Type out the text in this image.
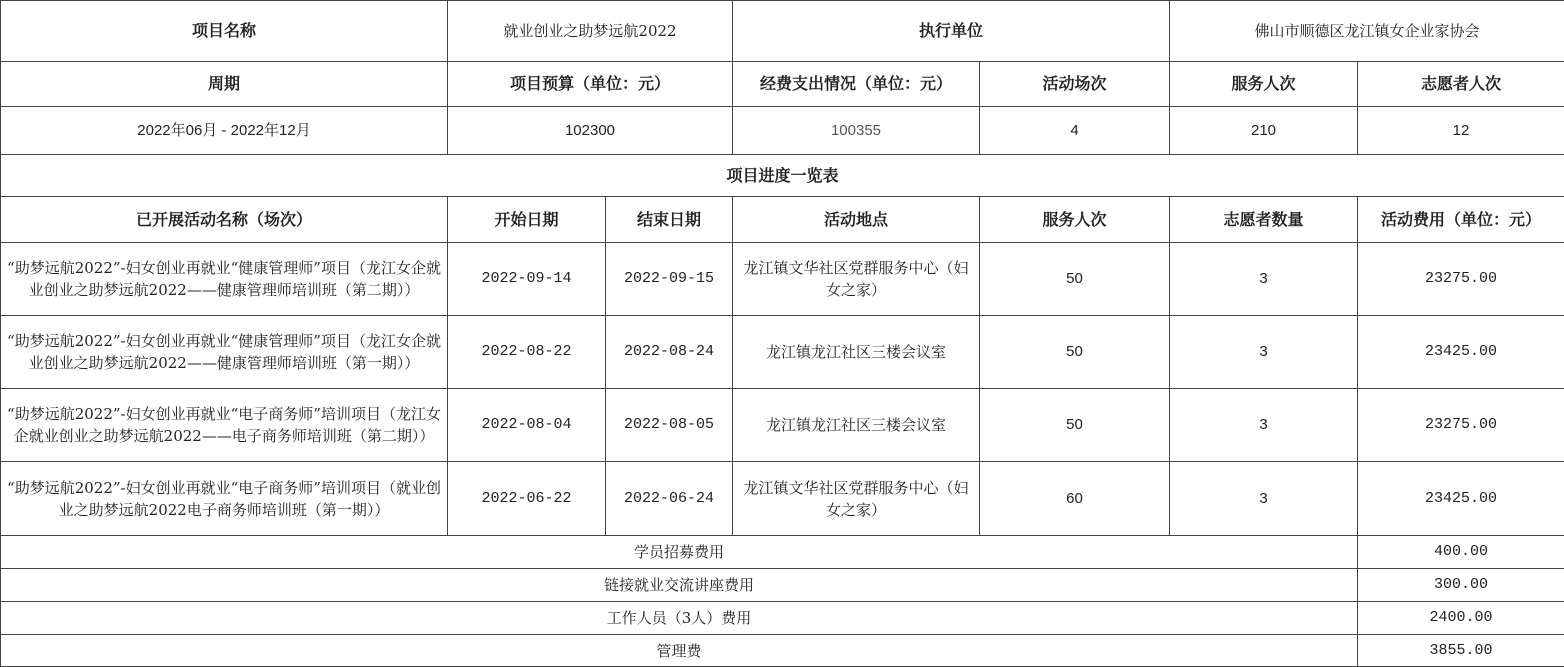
项目名称	就业创业之助梦远航2022		执行单位		佛山市顺德区龙江镇女企业家协会	
周期	项目预算（单位：元）		经费支出情况（单位：元）	活动场次	服务人次	志愿者人次
2022年06月 - 2022年12月	102300		100355	4	210	12
项目进度一览表						
已开展活动名称（场次）	开始日期	结束日期	活动地点	服务人次	志愿者数量	活动费用（单位：元）
“助梦远航2022”-妇女创业再就业“健康管理师”项目（龙江女企就业创业之助梦远航2022——健康管理师培训班（第二期））	2022-09-14	2022-09-15	龙江镇文华社区党群服务中心（妇女之家）	50	3	23275.00
“助梦远航2022”-妇女创业再就业“健康管理师”项目（龙江女企就业创业之助梦远航2022——健康管理师培训班（第一期））	2022-08-22	2022-08-24	龙江镇龙江社区三楼会议室	50	3	23425.00
“助梦远航2022”-妇女创业再就业“电子商务师”培训项目（龙江女企就业创业之助梦远航2022——电子商务师培训班（第二期））	2022-08-04	2022-08-05	龙江镇龙江社区三楼会议室	50	3	23275.00
“助梦远航2022”-妇女创业再就业“电子商务师”培训项目（就业创业之助梦远航2022电子商务师培训班（第一期））	2022-06-22	2022-06-24	龙江镇文华社区党群服务中心（妇女之家）	60	3	23425.00
学员招募费用						400.00
链接就业交流讲座费用						300.00
工作人员（3人）费用						2400.00
管理费						3855.00
